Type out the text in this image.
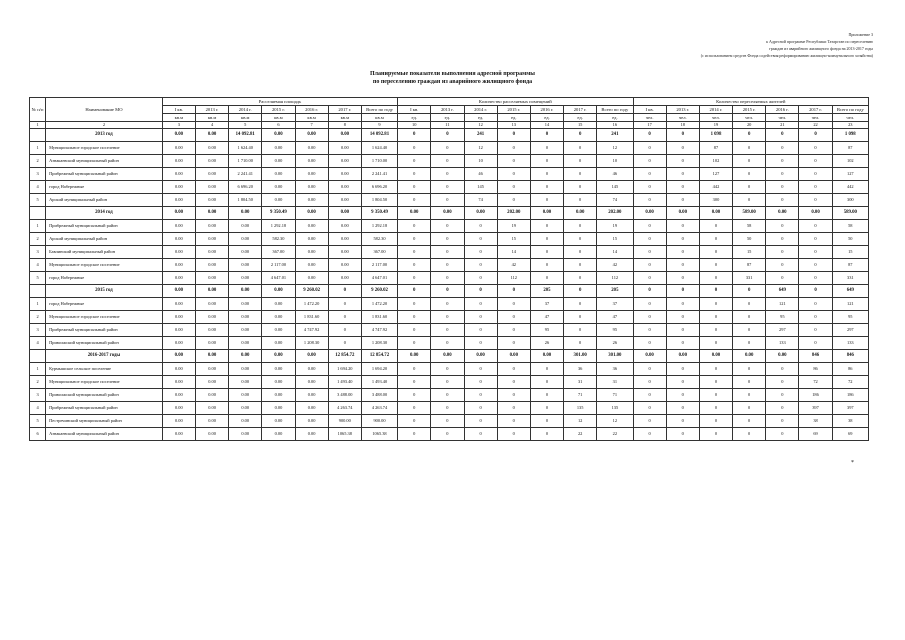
Приложение 3
к Адресной программе Республики Татарстан по переселению
граждан из аварийного жилищного фонда на 2013-2017 годы
(с использованием средств Фонда содействия реформированию жилищно-коммунального хозяйства)
Планируемые показатели выполнения адресной программы
по переселению граждан из аварийного жилищного фонда
№ п/п	Наименование МО	Расселяемая площадь							Количество расселяемых помещений							Количество переселяемых жителей						
		I кв.	2013 г.	2014 г.	2015 г.	2016 г.	2017 г.	Всего по году	I кв.	2013 г.	2014 г.	2015 г.	2016 г.	2017 г.	Всего по году	I кв.	2013 г.	2014 г.	2015 г.	2016 г.	2017 г.	Всего по году
		кв.м	кв.м	кв.м	кв.м	кв.м	кв.м	кв.м	ед.	ед.	ед.	ед.	ед.	ед.	ед.	чел.	чел.	чел.	чел.	чел.	чел.	чел.
1	2	3	4	5	6	7	8	9	10	11	12	13	14	15	16	17	18	19	20	21	22	23
	2013 год	0.00	0.00	14 092.81	0.00	0.00	0.00	14 092.81	0	0	241	0	0	0	241	0	0	1 098	0	0	0	1 098
1	Муниципальное городское поселение	0.00	0.00	1 624.40	0.00	0.00	0.00	1 624.40	0	0	12	0	0	0	12	0	0	87	0	0	0	87
2	Азнакаевский муниципальный район	0.00	0.00	1 710.00	0.00	0.00	0.00	1 710.00	0	0	10	0	0	0	10	0	0	102	0	0	0	102
3	Прибрежный муниципальный район	0.00	0.00	2 241.41	0.00	0.00	0.00	2 241.41	0	0	46	0	0	0	46	0	0	127	0	0	0	127
4	город Набережные	0.00	0.00	6 696.20	0.00	0.00	0.00	6 696.20	0	0	145	0	0	0	145	0	0	442	0	0	0	442
5	Арский муниципальный район	0.00	0.00	1 804.50	0.00	0.00	0.00	1 804.50	0	0	74	0	0	0	74	0	0	300	0	0	0	300
	2014 год	0.00	0.00	0.00	9 350.49	0.00	0.00	9 350.49	0.00	0.00	0.00	202.00	0.00	0.00	202.00	0.00	0.00	0.00	589.00	0.00	0.00	589.00
1	Прибрежный муниципальный район	0.00	0.00	0.00	1 292.18	0.00	0.00	1 292.18	0	0	0	19	0	0	19	0	0	0	58	0	0	58
2	Арский муниципальный район	0.00	0.00	0.00	582.30	0.00	0.00	582.30	0	0	0	15	0	0	15	0	0	0	50	0	0	50
3	Бавлинский муниципальный район	0.00	0.00	0.00	367.00	0.00	0.00	367.00	0	0	0	14	0	0	14	0	0	0	15	0	0	15
4	Муниципальное городское поселение	0.00	0.00	0.00	2 117.00	0.00	0.00	2 117.00	0	0	0	42	0	0	42	0	0	0	87	0	0	87
5	город Набережные	0.00	0.00	0.00	4 647.01	0.00	0.00	4 647.01	0	0	0	112	0	0	112	0	0	0	331	0	0	331
	2015 год	0.00	0.00	0.00	0.00	9 260.02	0	9 260.02	0	0	0	0	205	0	205	0	0	0	0	649	0	649
1	город Набережные	0.00	0.00	0.00	0.00	1 472.20	0	1 472.20	0	0	0	0	37	0	37	0	0	0	0	121	0	121
2	Муниципальное городское поселение	0.00	0.00	0.00	0.00	1 831.60	0	1 831.60	0	0	0	0	47	0	47	0	0	0	0	95	0	95
3	Прибрежный муниципальный район	0.00	0.00	0.00	0.00	4 747.92	0	4 747.92	0	0	0	0	95	0	95	0	0	0	0	297	0	297
4	Приволжский муниципальный район	0.00	0.00	0.00	0.00	1 208.30	0	1 208.30	0	0	0	0	26	0	26	0	0	0	0	133	0	133
	2016-2017 годы	0.00	0.00	0.00	0.00	0.00	12 854.72	12 854.72	0.00	0.00	0.00	0.00	0.00	301.00	301.00	0.00	0.00	0.00	0.00	0.00	846	846
1	Курмышское сельское поселение	0.00	0.00	0.00	0.00	0.00	1 694.20	1 694.20	0	0	0	0	0	36	36	0	0	0	0	0	86	86
2	Муниципальное городское поселение	0.00	0.00	0.00	0.00	0.00	1 493.40	1 493.40	0	0	0	0	0	31	31	0	0	0	0	0	72	72
3	Приволжский муниципальный район	0.00	0.00	0.00	0.00	0.00	3 488.00	3 488.00	0	0	0	0	0	71	71	0	0	0	0	0	186	186
4	Прибрежный муниципальный район	0.00	0.00	0.00	0.00	0.00	4 263.74	4 263.74	0	0	0	0	0	135	135	0	0	0	0	0	397	397
5	Пестречинский муниципальный район	0.00	0.00	0.00	0.00	0.00	900.00	900.00	0	0	0	0	0	12	12	0	0	0	0	0	38	38
6	Азнакаевский муниципальный район	0.00	0.00	0.00	0.00	0.00	1065.38	1065.38	0	0	0	0	0	22	22	0	0	0	0	0	69	69
*
